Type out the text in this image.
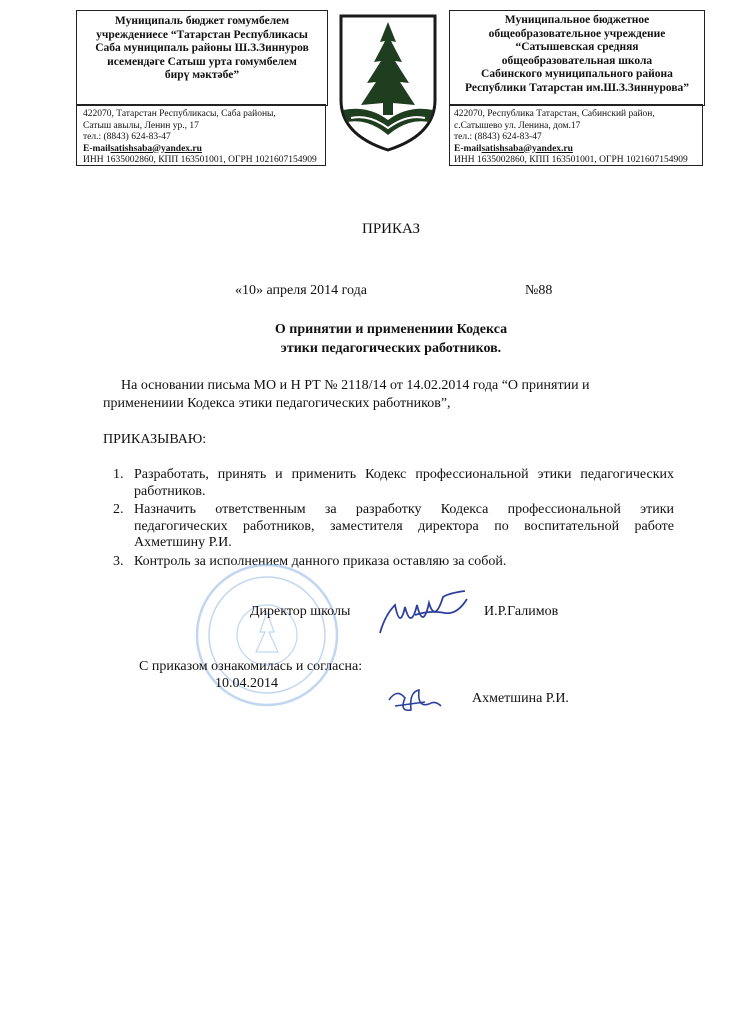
Муниципаль бюджет гомумбелем
учреждениесе “Татарстан Республикасы
Саба муниципаль районы Ш.З.Зиннуров
исемендәге Сатыш урта гомумбелем
бирү мәктәбе”
422070, Татарстан Республикасы, Саба районы,
Сатыш авылы, Ленин ур., 17
тел.: (8843) 624-83-47
E-mailsatishsaba@yandex.ru
ИНН 1635002860, КПП 163501001, ОГРН 1021607154909
Муниципальное бюджетное
общеобразовательное учреждение
“Сатышевская средняя
общеобразовательная школа
Сабинского муниципального района
Республики Татарстан им.Ш.З.Зиннурова”
422070, Республика Татарстан, Сабинский район,
с.Сатышево ул. Ленина, дом.17
тел.: (8843) 624-83-47
E-mailsatishsaba@yandex.ru
ИНН 1635002860, КПП 163501001, ОГРН 1021607154909
ПРИКАЗ
«10» апреля 2014 года	№88
О принятии и применениии Кодекса
этики педагогических работников.
На основании письма МО и Н РТ № 2118/14 от 14.02.2014 года “О принятии и
применениии Кодекса этики педагогических работников”,
ПРИКАЗЫВАЮ:
1. Разработать, принять и применить Кодекс профессиональной этики педагогических работников.
2. Назначить ответственным за разработку Кодекса профессиональной этики педагогических работников, заместителя директора по воспитательной работе Ахметшину Р.И.
3. Контроль за исполнением данного приказа оставляю за собой.
Директор школы	И.Р.Галимов
С приказом ознакомилась и согласна:
10.04.2014
Ахметшина Р.И.
